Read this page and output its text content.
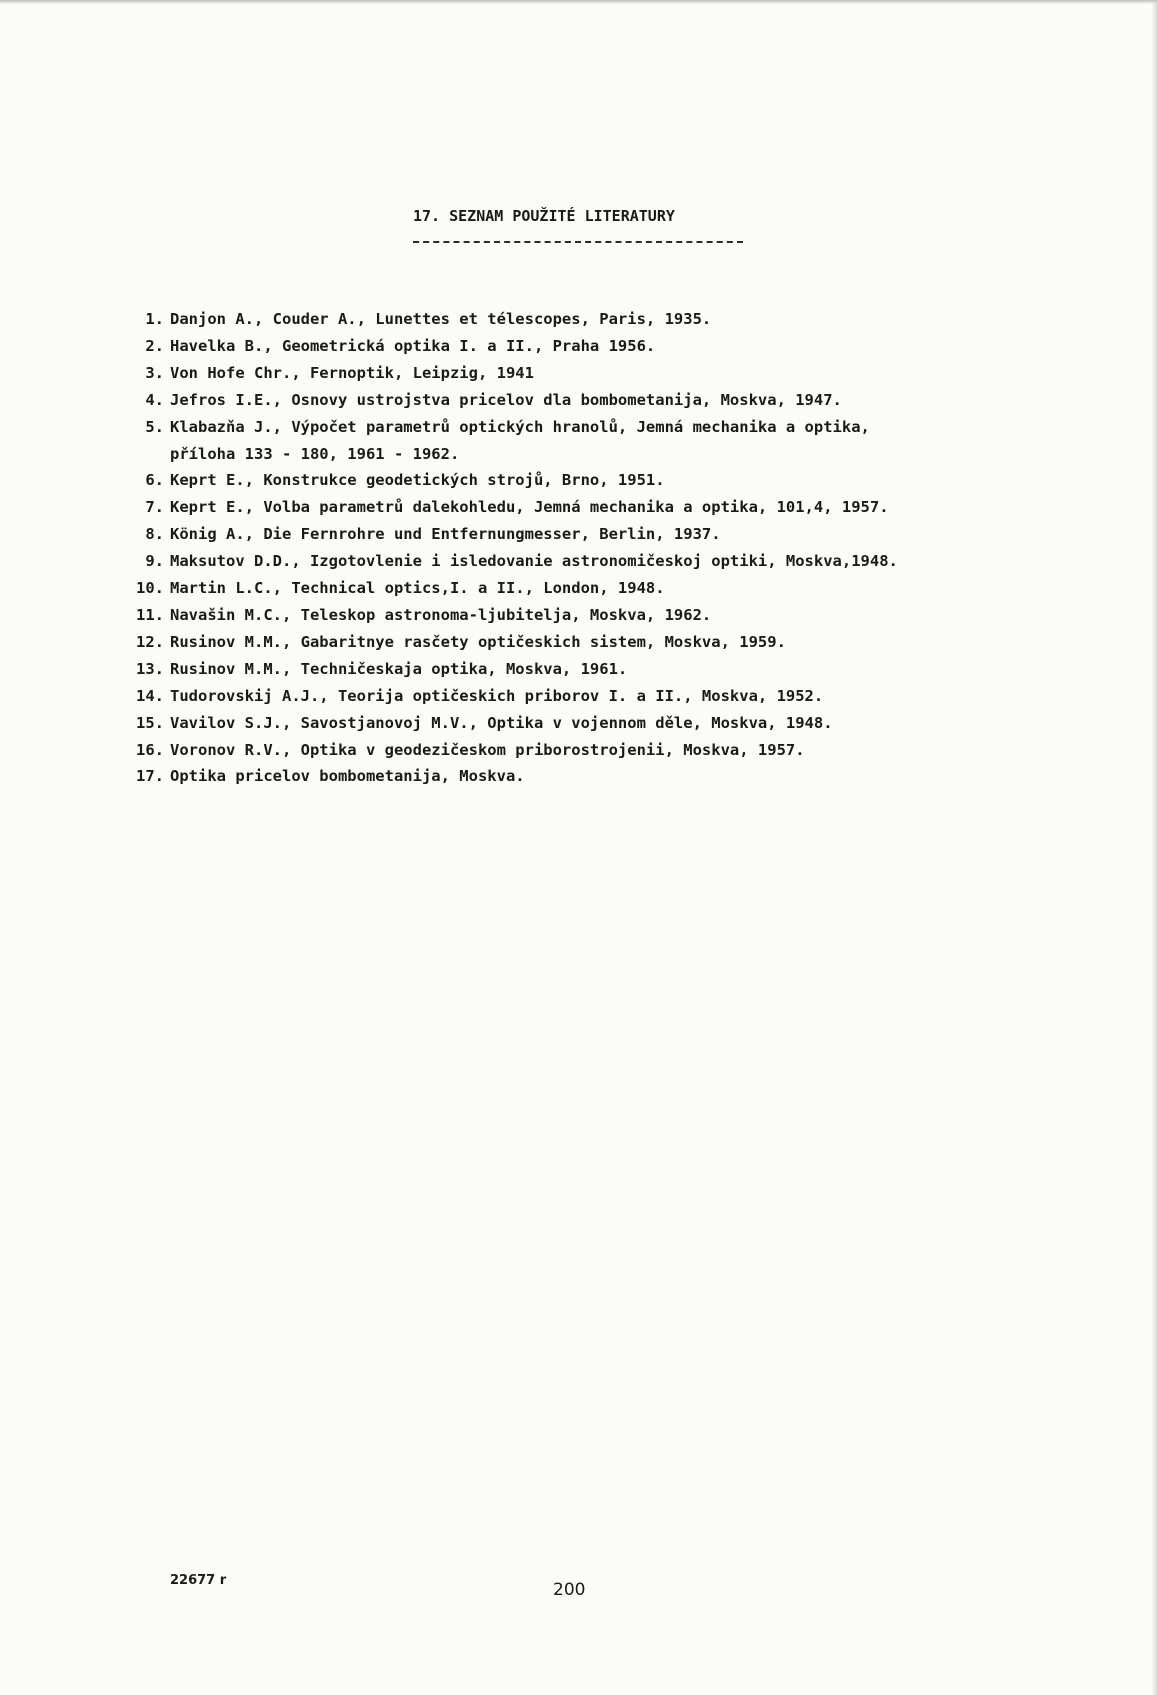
17. SEZNAM POUŽITÉ LITERATURY
1. Danjon A., Couder A., Lunettes et télescopes, Paris, 1935.
2. Havelka B., Geometrická optika I. a II., Praha 1956.
3. Von Hofe Chr., Fernoptik, Leipzig, 1941
4. Jefros I.E., Osnovy ustrojstva pricelov dla bombometanija, Moskva, 1947.
5. Klabazňa J., Výpočet parametrů optických hranolů, Jemná mechanika a optika,
příloha 133 - 180, 1961 - 1962.
6. Keprt E., Konstrukce geodetických strojů, Brno, 1951.
7. Keprt E., Volba parametrů dalekohledu, Jemná mechanika a optika, 101,4, 1957.
8. König A., Die Fernrohre und Entfernungmesser, Berlin, 1937.
9. Maksutov D.D., Izgotovlenie i isledovanie astronomičeskoj optiki, Moskva,1948.
10. Martin L.C., Technical optics,I. a II., London, 1948.
11. Navašin M.C., Teleskop astronoma-ljubitelja, Moskva, 1962.
12. Rusinov M.M., Gabaritnye rasčety optičeskich sistem, Moskva, 1959.
13. Rusinov M.M., Techničeskaja optika, Moskva, 1961.
14. Tudorovskij A.J., Teorija optičeskich priborov I. a II., Moskva, 1952.
15. Vavilov S.J., Savostjanovoj M.V., Optika v vojennom děle, Moskva, 1948.
16. Voronov R.V., Optika v geodezičeskom priborostrojenii, Moskva, 1957.
17. Optika pricelov bombometanija, Moskva.
22677 r	200
